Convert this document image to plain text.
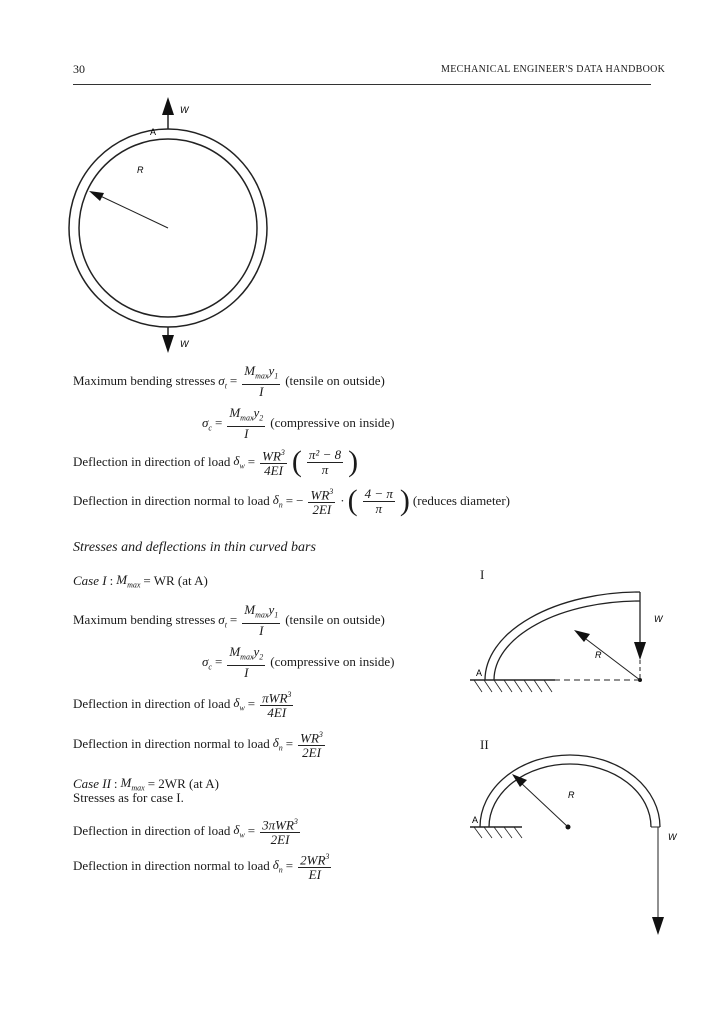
30	MECHANICAL ENGINEER'S DATA HANDBOOK
W
W
A
R
Maximum bending stresses $\sigma_t = \frac{M_{max}y_1}{I}$ (tensile on outside)
$\sigma_c = \frac{M_{max}y_2}{I}$ (compressive on inside)
Deflection in direction of load $\delta_w = \frac{WR^3}{4EI}$ ( $\frac{\text{π² − 8}}{\pi}$ )
Deflection in direction normal to load $\delta_n$ = − $\frac{WR^3}{2EI}$ · ( $\frac{4 - \pi}{\pi}$ ) (reduces diameter)
Stresses and deflections in thin curved bars
Case I : $M_{max}$ = WR (at A)
Maximum bending stresses $\sigma_t = \frac{M_{max}y_1}{I}$ (tensile on outside)
$\sigma_c = \frac{M_{max}y_2}{I}$ (compressive on inside)
Deflection in direction of load $\delta_w = \frac{\pi WR^3}{4EI}$
Deflection in direction normal to load $\delta_n = \frac{WR^3}{2EI}$
Case II : $M_{max} = 2WR$ (at A)
Stresses as for case I.
Deflection in direction of load $\delta_w = \frac{3\pi WR^3}{2EI}$
Deflection in direction normal to load $\delta_n = \frac{2WR^3}{EI}$
I
A
R
W
II
A
R
W
